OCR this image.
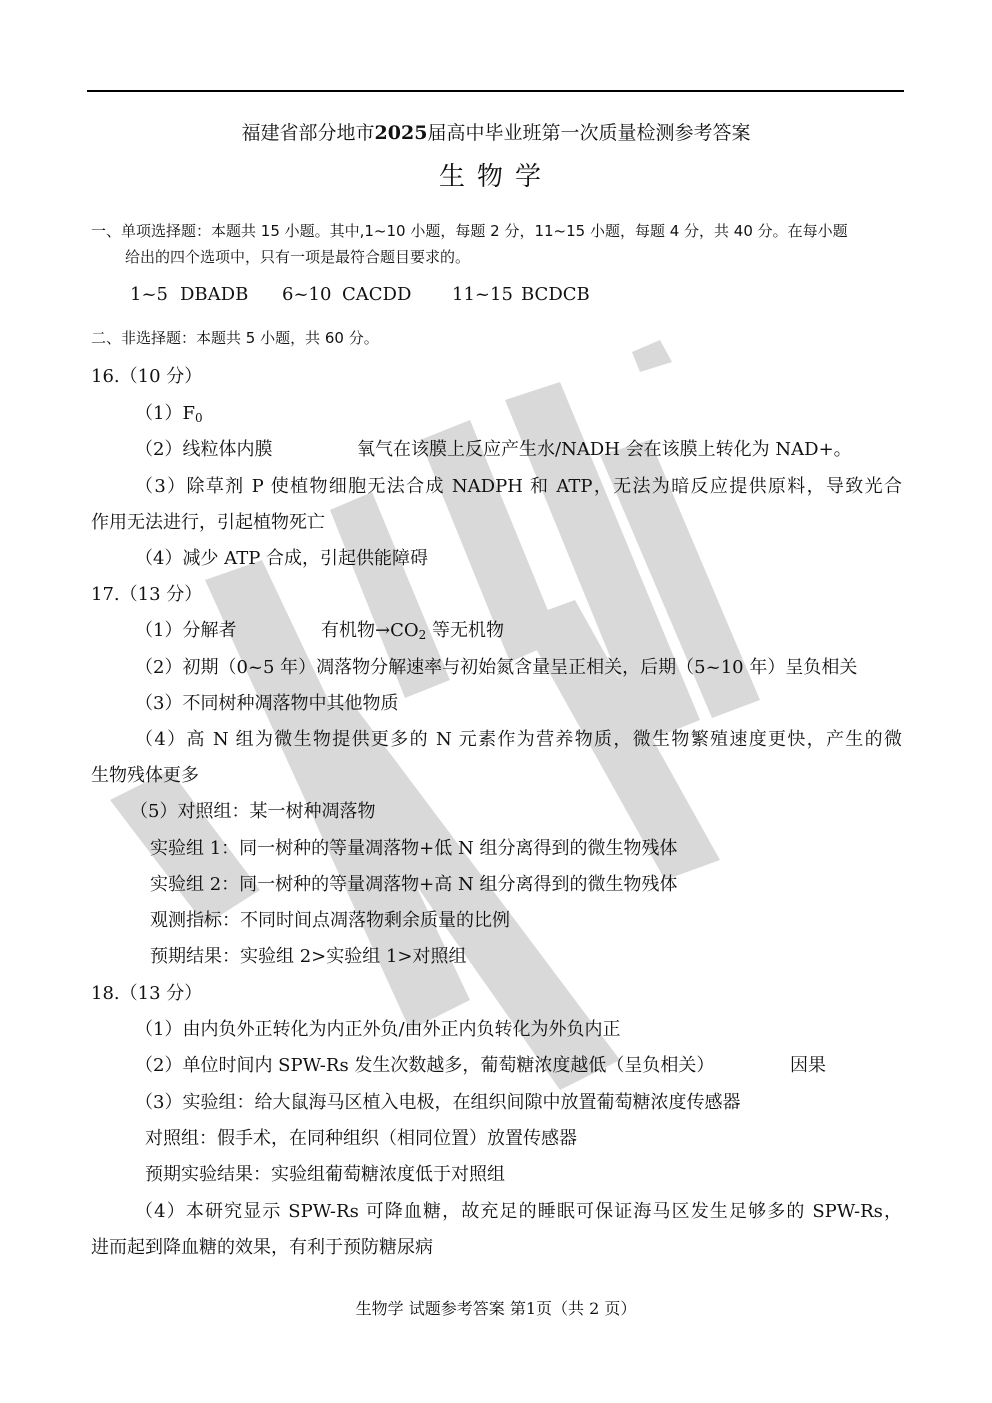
福建省部分地市2025届高中毕业班第一次质量检测参考答案
生物学
一、单项选择题：本题共 15 小题。其中,1~10 小题，每题 2 分，11~15 小题，每题 4 分，共 40 分。在每小题
给出的四个选项中，只有一项是最符合题目要求的。
1~5 DBADB 6~10 CACDD 11~15 BCDCB
二、非选择题：本题共 5 小题，共 60 分。
16.（10 分）
$(1)F_0$
（2）线粒体内膜	氧气在该膜上反应产生水/NADH 会在该膜上转化为 NAD+。
（3）除草剂 P 使植物细胞无法合成 NADPH 和 ATP，无法为暗反应提供原料，导致光合
作用无法进行，引起植物死亡
（4）减少 ATP 合成，引起供能障碍
17.（13 分）
（1）分解者	有机物$\to CO_2$ 等无机物
（2）初期（0~5 年）凋落物分解速率与初始氮含量呈正相关，后期（5~10 年）呈负相关
（3）不同树种凋落物中其他物质
（4）高 N 组为微生物提供更多的 N 元素作为营养物质，微生物繁殖速度更快，产生的微
生物残体更多
（5）对照组：某一树种凋落物
实验组 1：同一树种的等量凋落物+低 N 组分离得到的微生物残体
实验组 2：同一树种的等量凋落物+高 N 组分离得到的微生物残体
观测指标：不同时间点凋落物剩余质量的比例
预期结果：实验组 2>实验组 1>对照组
18.（13 分）
（1）由内负外正转化为内正外负/由外正内负转化为外负内正
（2）单位时间内 SPW-Rs 发生次数越多，葡萄糖浓度越低（呈负相关）	因果
（3）实验组：给大鼠海马区植入电极，在组织间隙中放置葡萄糖浓度传感器
对照组：假手术，在同种组织（相同位置）放置传感器
预期实验结果：实验组葡萄糖浓度低于对照组
（4）本研究显示 SPW-Rs 可降血糖，故充足的睡眠可保证海马区发生足够多的 SPW-Rs，
进而起到降血糖的效果，有利于预防糖尿病
生物学 试题参考答案 第1页（共 2 页）
